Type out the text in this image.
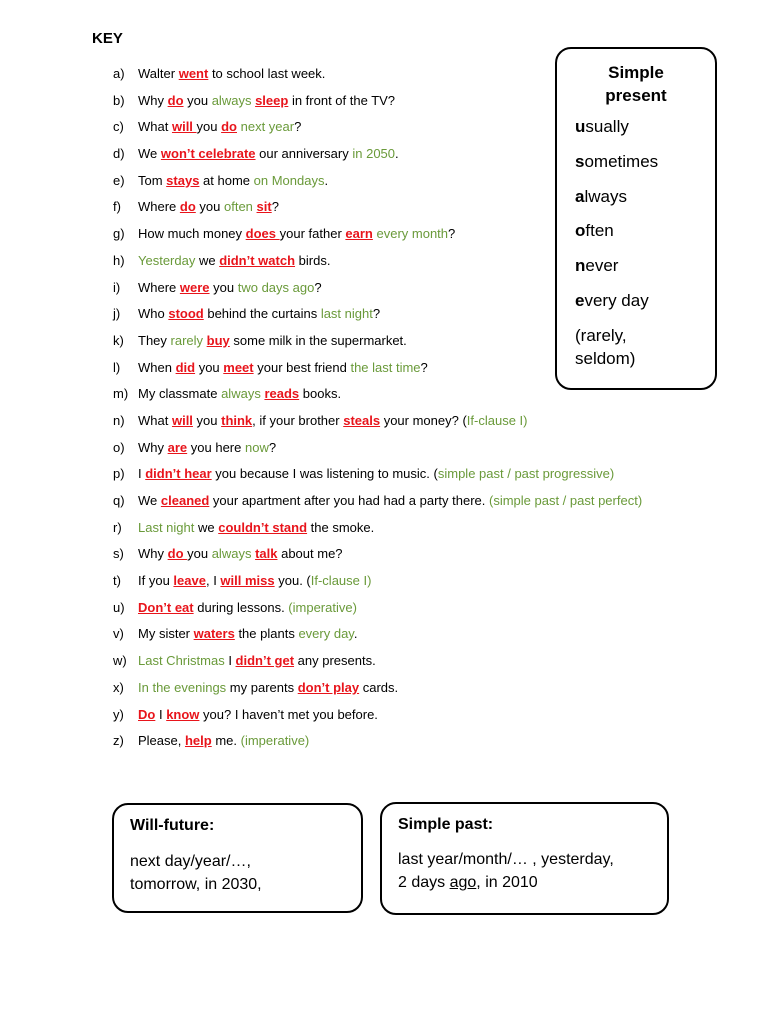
KEY
a)	Walter went to school last week.
b)	Why do you always sleep in front of the TV?
c)	What will you do next year?
d)	We won’t celebrate our anniversary in 2050.
e)	Tom stays at home on Mondays.
f)	Where do you often sit?
g)	How much money does your father earn every month?
h)	Yesterday we didn’t watch birds.
i)	Where were you two days ago?
j)	Who stood behind the curtains last night?
k)	They rarely buy some milk in the supermarket.
l)	When did you meet your best friend the last time?
m) My classmate always reads books.
n)	What will you think, if your brother steals your money? (If-clause I)
o)	Why are you here now?
p)	I didn’t hear you because I was listening to music. (simple past / past progressive)
q)	We cleaned your apartment after you had had a party there. (simple past / past perfect)
r)	Last night we couldn’t stand the smoke.
s)	Why do you always talk about me?
t)	If you leave, I will miss you. (If-clause I)
u)	Don’t eat during lessons. (imperative)
v)	My sister waters the plants every day.
w) Last Christmas I didn’t get any presents.
x)	In the evenings my parents don’t play cards.
y)	Do I know you? I haven’t met you before.
z)	Please, help me. (imperative)
Simple
present
usually
sometimes
always
often
never
every day
(rarely,
seldom)
Will-future:
next day/year/…,
tomorrow, in 2030,
Simple past:
last year/month/… , yesterday,
2 days ago, in 2010
